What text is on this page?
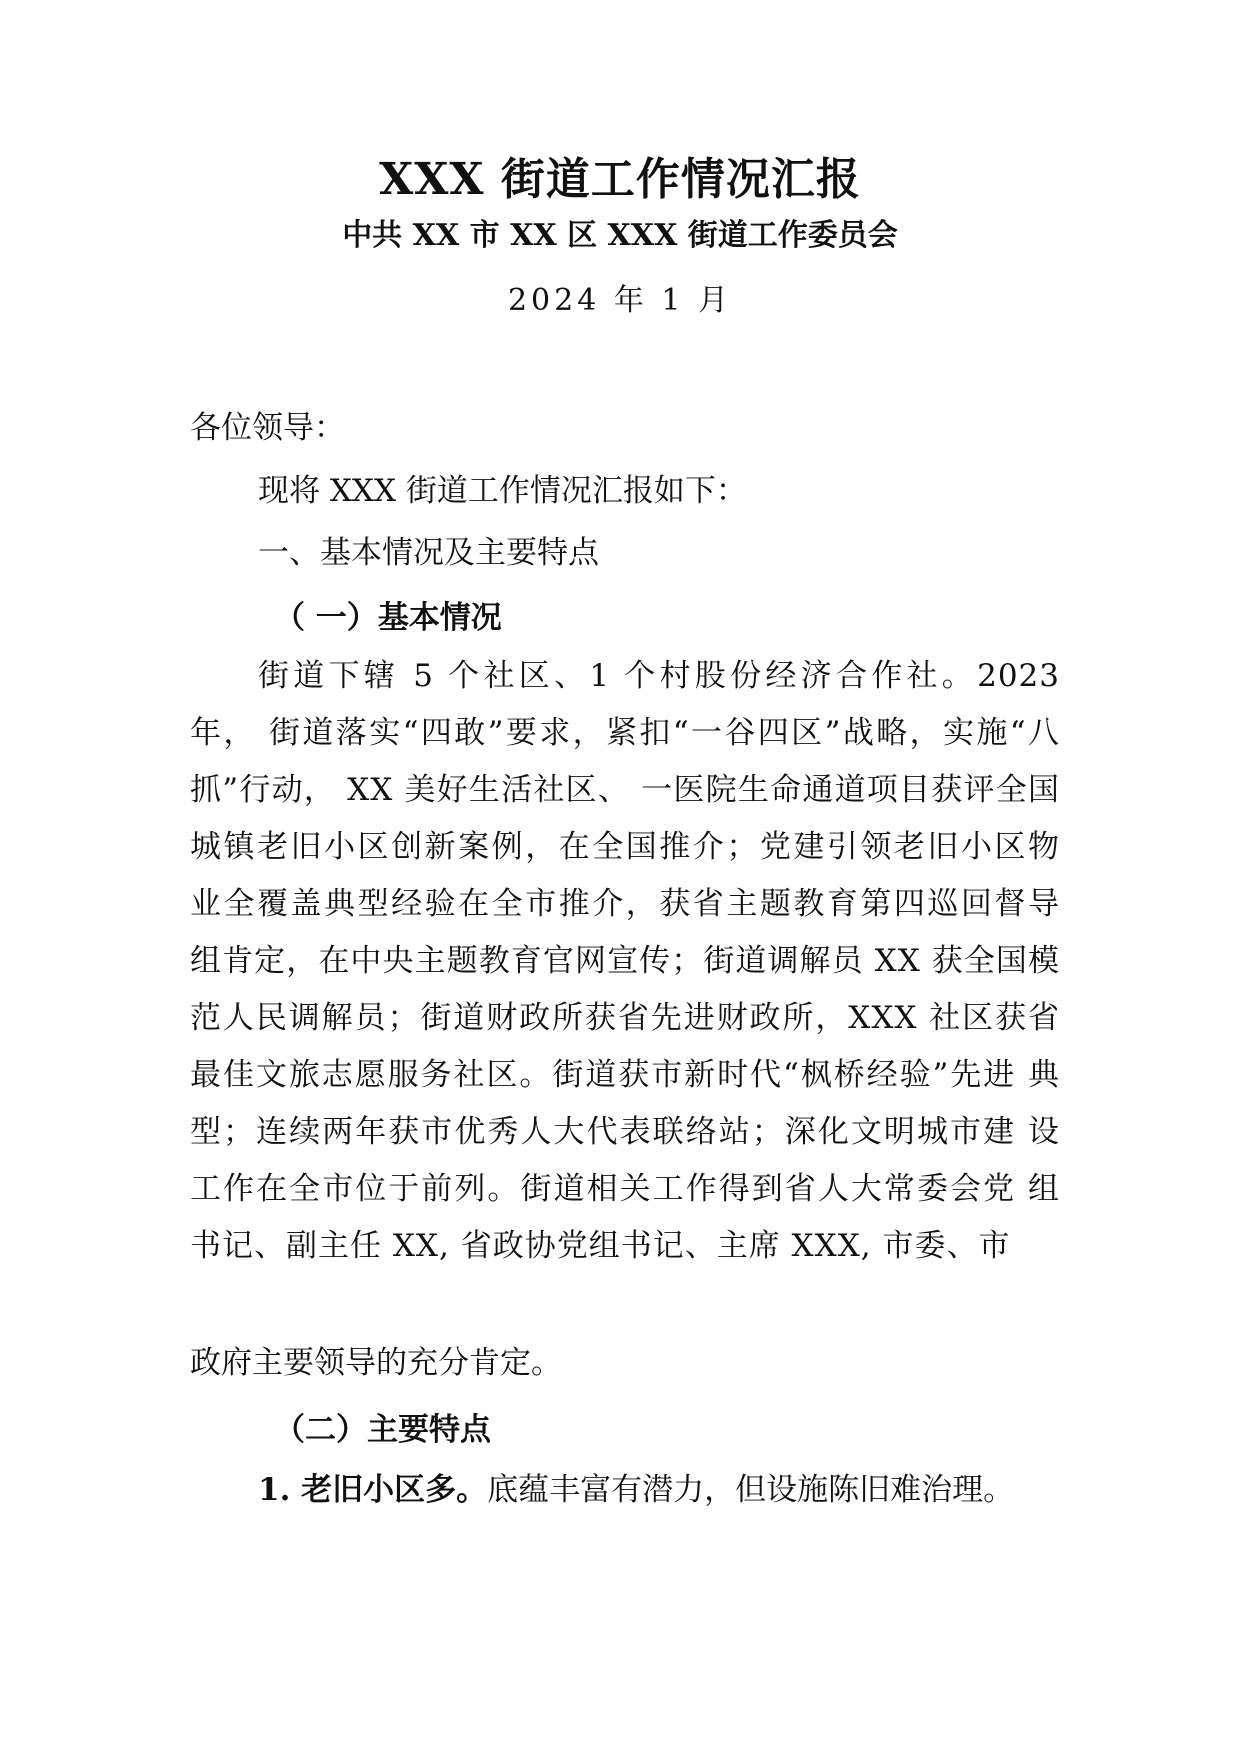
XXX 街道工作情况汇报
中共 XX 市 XX 区 XXX 街道工作委员会
2024 年 1 月
各位领导：
现将 XXX 街道工作情况汇报如下：
一、基本情况及主要特点
（ 一）基本情况
街道下辖 5 个社区、1 个村股份经济合作社。2023 年， 街道落实“四敢”要求，紧扣“一谷四区”战略，实施“八 抓”行动， XX 美好生活社区、 一医院生命通道项目获评全国 城镇老旧小区创新案例，在全国推介；党建引领老旧小区物 业全覆盖典型经验在全市推介，获省主题教育第四巡回督导 组肯定，在中央主题教育官网宣传；街道调解员 XX 获全国模 范人民调解员；街道财政所获省先进财政所，XXX 社区获省 最佳文旅志愿服务社区。街道获市新时代“枫桥经验”先进 典型；连续两年获市优秀人大代表联络站；深化文明城市建 设工作在全市位于前列。街道相关工作得到省人大常委会党 组书记、副主任 XX, 省政协党组书记、主席 XXX, 市委、市
政府主要领导的充分肯定。
（二）主要特点
1. 老旧小区多。底蕴丰富有潜力，但设施陈旧难治理。
